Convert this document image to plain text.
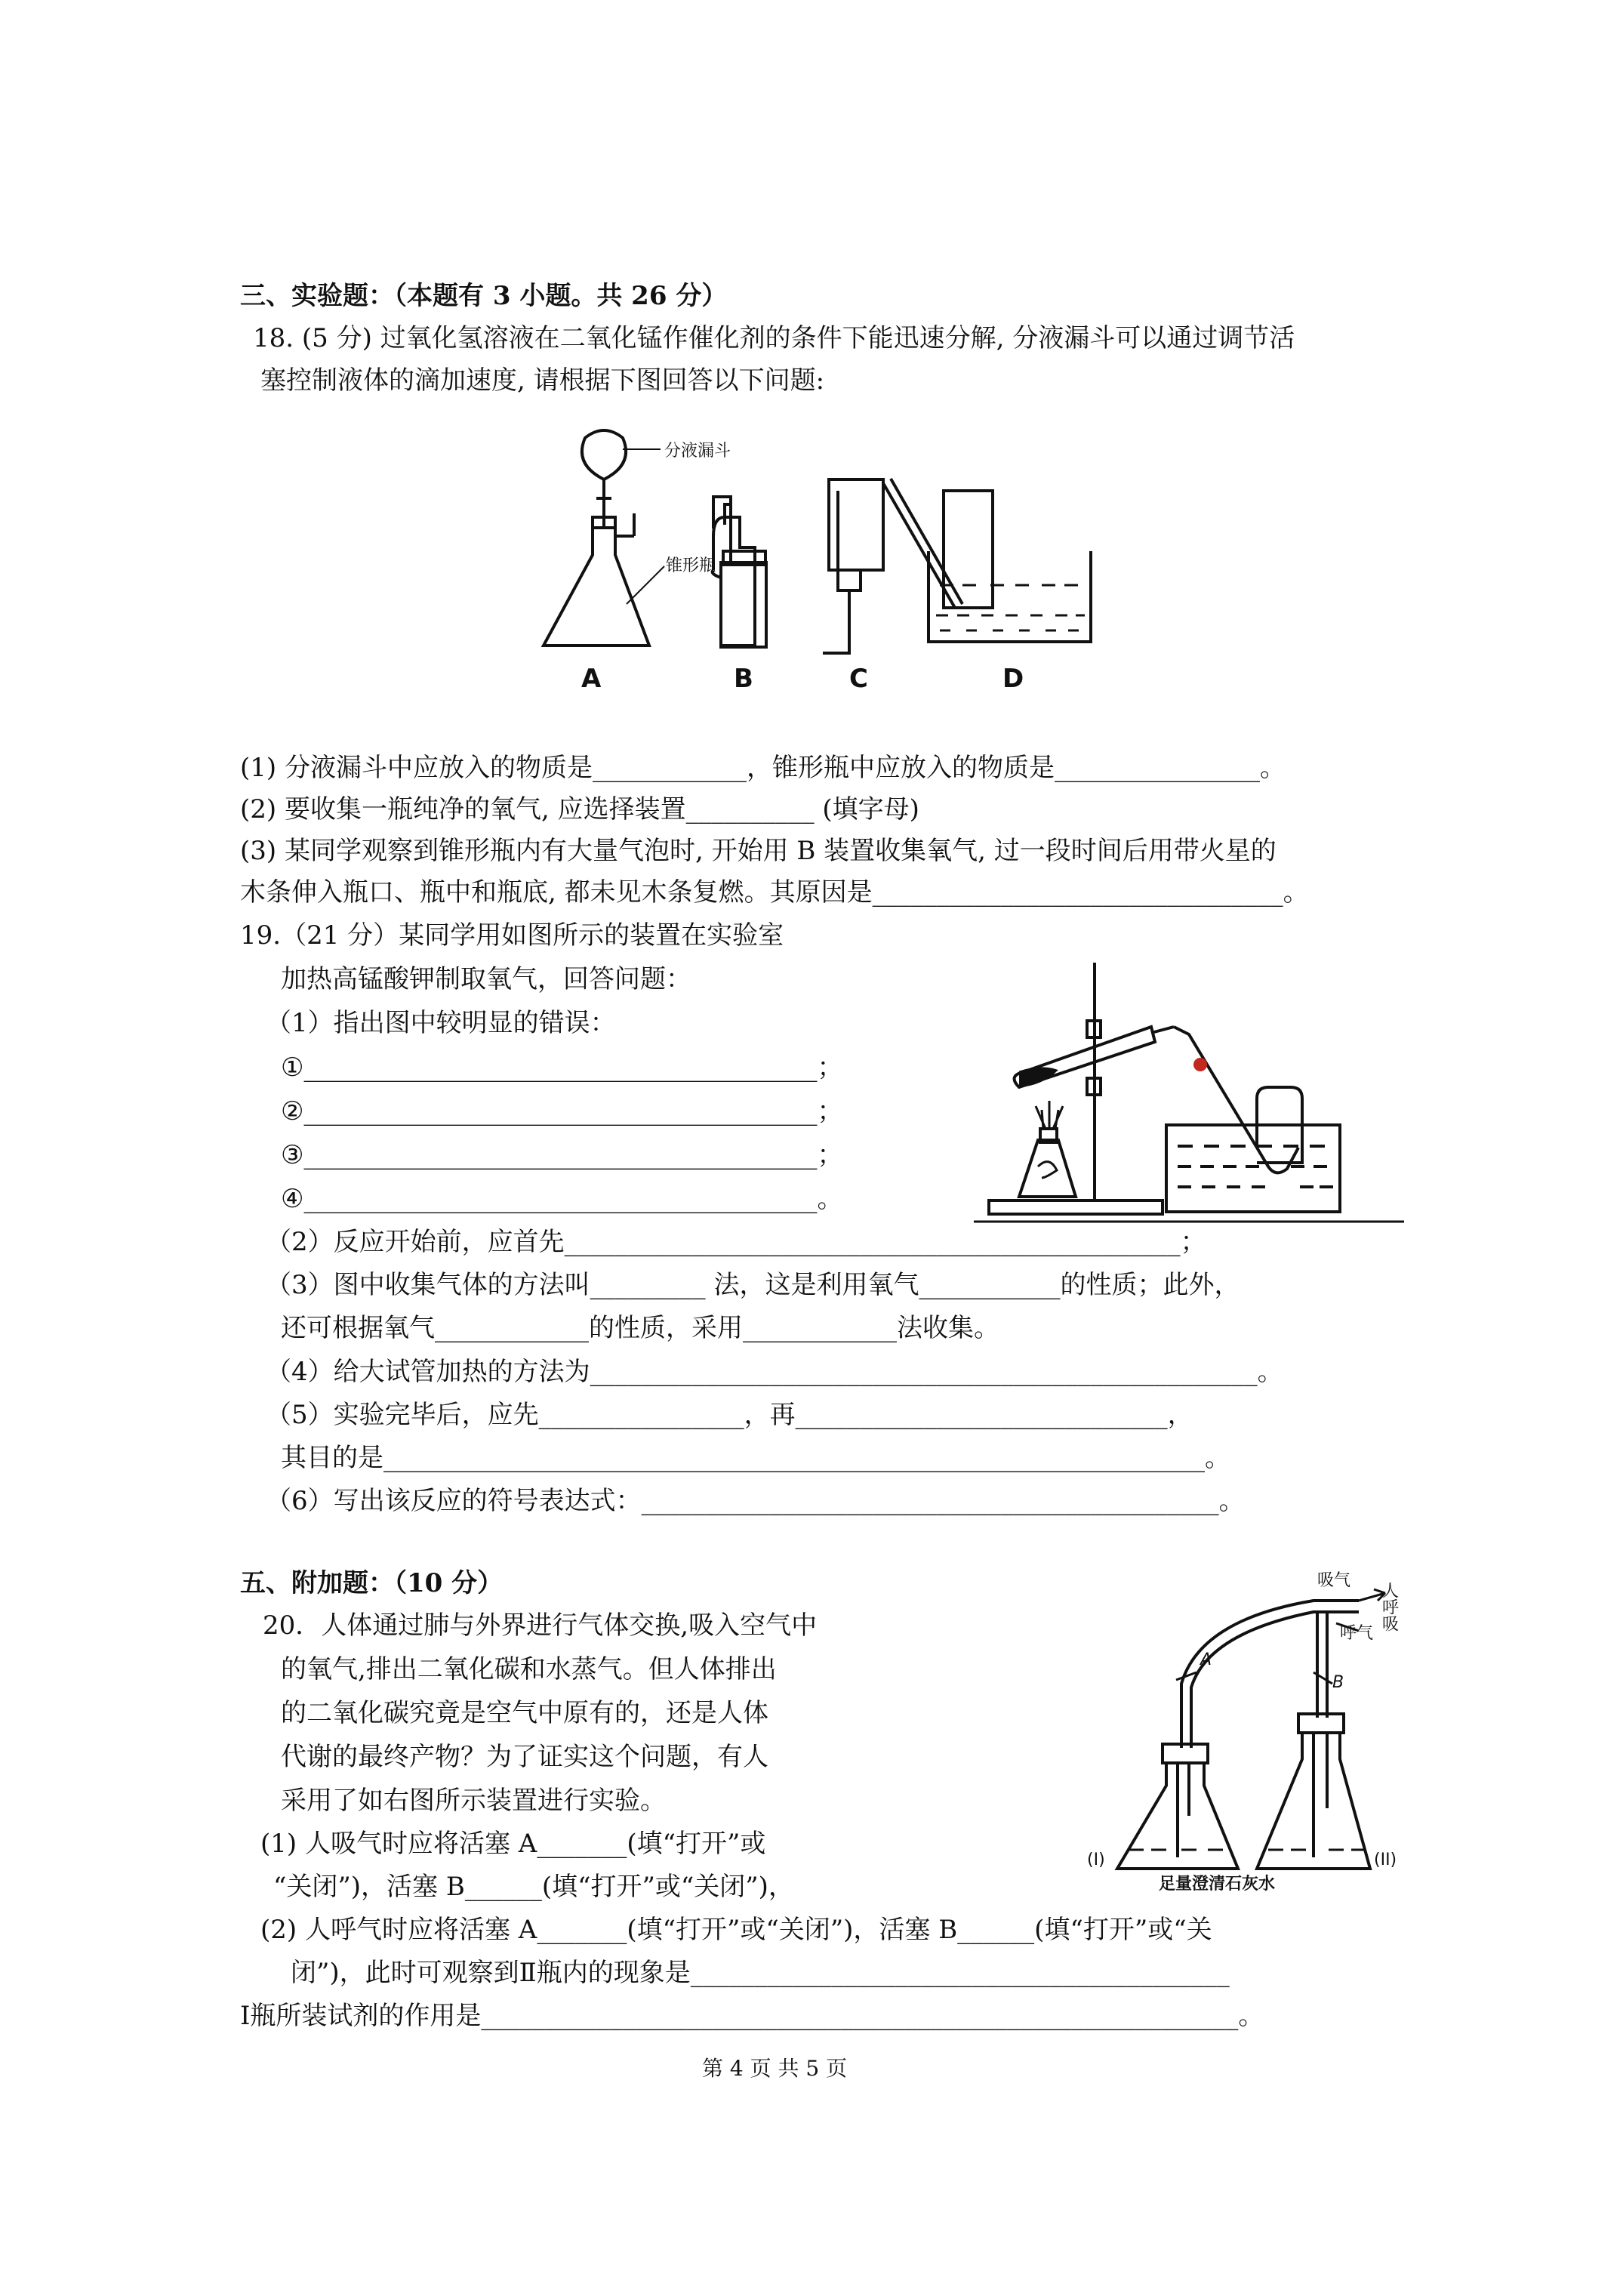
三、实验题：（本题有 3 小题。共 26 分）
18. (5 分) 过氧化氢溶液在二氧化锰作催化剂的条件下能迅速分解, 分液漏斗可以通过调节活
塞控制液体的滴加速度, 请根据下图回答以下问题:
分液漏斗
锥形瓶
A	B	C	D
(1) 分液漏斗中应放入的物质是____________，锥形瓶中应放入的物质是________________。
(2) 要收集一瓶纯净的氧气, 应选择装置__________ (填字母)
(3) 某同学观察到锥形瓶内有大量气泡时, 开始用 B 装置收集氧气, 过一段时间后用带火星的
木条伸入瓶口、瓶中和瓶底, 都未见木条复燃。其原因是________________________________。
19.（21 分）某同学用如图所示的装置在实验室
加热高锰酸钾制取氧气，回答问题：
（1）指出图中较明显的错误：
①________________________________________；
②________________________________________；
③________________________________________；
④________________________________________。
（2）反应开始前，应首先________________________________________________；
（3）图中收集气体的方法叫_________ 法，这是利用氧气___________的性质；此外，
还可根据氧气____________的性质，采用____________法收集。
（4）给大试管加热的方法为____________________________________________________。
（5）实验完毕后，应先________________，再_____________________________，
其目的是________________________________________________________________。
（6）写出该反应的符号表达式：_____________________________________________。
五、附加题：（10 分）
20．人体通过肺与外界进行气体交换,吸入空气中
的氧气,排出二氧化碳和水蒸气。但人体排出
的二氧化碳究竟是空气中原有的，还是人体
代谢的最终产物？为了证实这个问题，有人
采用了如右图所示装置进行实验。
(1) 人吸气时应将活塞 A_______(填“打开”或
“关闭”)，活塞 B______(填“打开”或“关闭”)，
吸气
呼气
人呼吸
A
B
(I)	(II)
足量澄清石灰水
(2) 人呼气时应将活塞 A_______(填“打开”或“关闭”)，活塞 B______(填“打开”或“关
闭”)，此时可观察到Ⅱ瓶内的现象是__________________________________________
Ⅰ瓶所装试剂的作用是___________________________________________________________。
第 4 页 共 5 页
